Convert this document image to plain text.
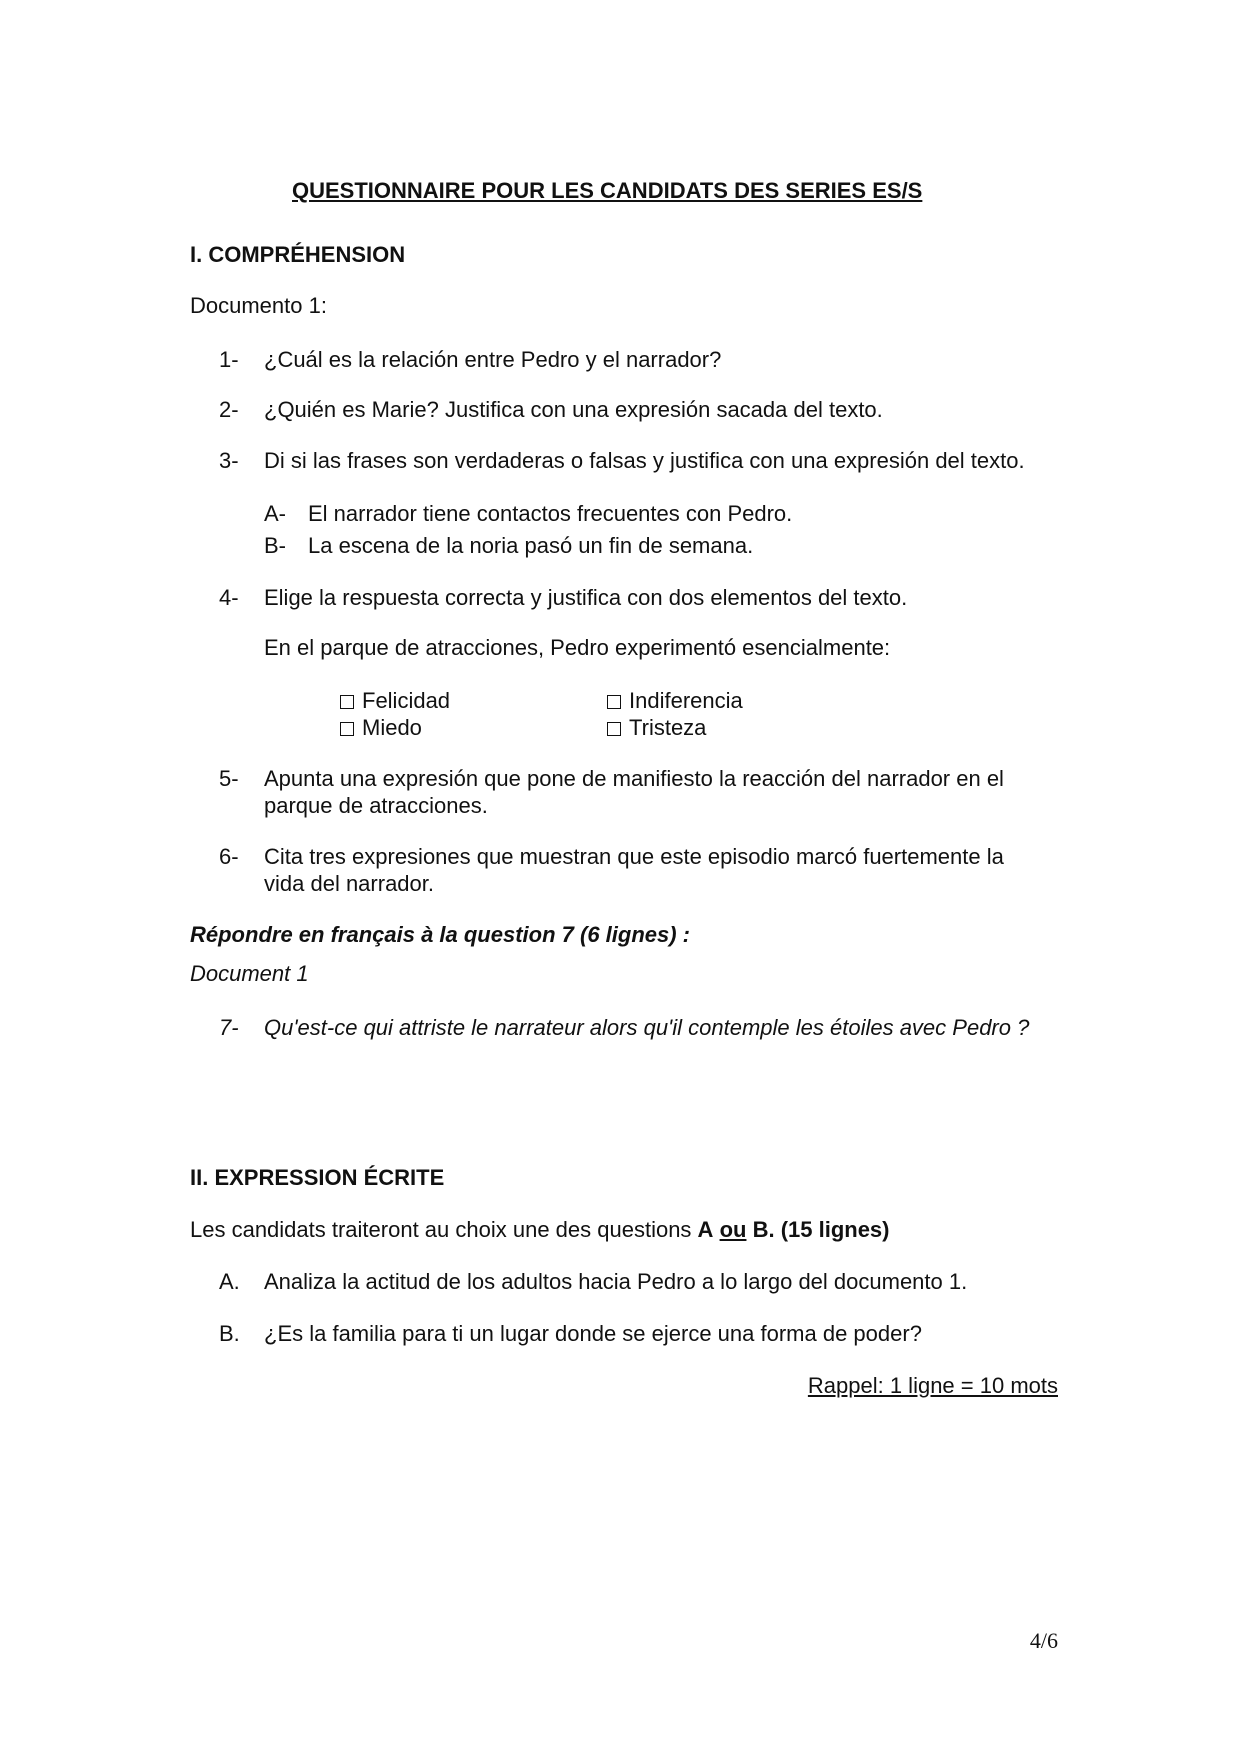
QUESTIONNAIRE POUR LES CANDIDATS DES SERIES ES/S
I. COMPRÉHENSION
Documento 1:
1- ¿Cuál es la relación entre Pedro y el narrador?
2- ¿Quién es Marie? Justifica con una expresión sacada del texto.
3- Di si las frases son verdaderas o falsas y justifica con una expresión del texto.
A- El narrador tiene contactos frecuentes con Pedro.
B- La escena de la noria pasó un fin de semana.
4- Elige la respuesta correcta y justifica con dos elementos del texto.
En el parque de atracciones, Pedro experimentó esencialmente:
Felicidad	Indiferencia
Miedo	Tristeza
5- Apunta una expresión que pone de manifiesto la reacción del narrador en el
parque de atracciones.
6- Cita tres expresiones que muestran que este episodio marcó fuertemente la
vida del narrador.
Répondre en français à la question 7 (6 lignes) :
Document 1
7- Qu'est-ce qui attriste le narrateur alors qu'il contemple les étoiles avec Pedro ?
II. EXPRESSION ÉCRITE
Les candidats traiteront au choix une des questions A ou B. (15 lignes)
A. Analiza la actitud de los adultos hacia Pedro a lo largo del documento 1.
B. ¿Es la familia para ti un lugar donde se ejerce una forma de poder?
Rappel: 1 ligne = 10 mots
4/6
